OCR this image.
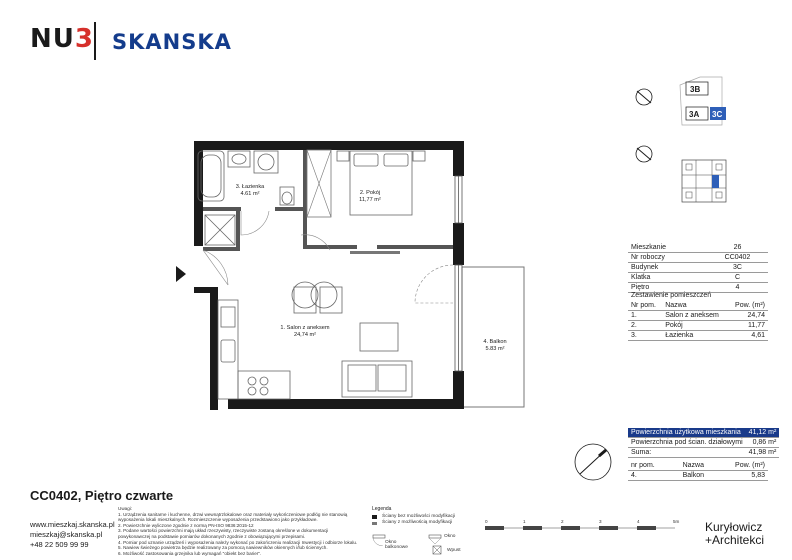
NU3 SKANSKA
3. Łazienka
4.61 m²	2. Pokój
11,77 m²
1. Salon z aneksem
24,74 m²
4. Balkon
5.83 m²
3B
3A 3C
Mieszkanie	26
Nr roboczy	CC0402
Budynek	3C
Klatka	C
Piętro	4
Zestawienie pomieszczeń
Nr pom.	Nazwa	Pow. (m²)
1.	Salon z aneksem	24,74
2.	Pokój	11,77
3.	Łazienka	4,61
Powierzchnia użytkowa mieszkania	41,12 m²
Powierzchnia pod ścian. działowymi	0,86 m²
Suma:	41,98 m²
nr pom.	Nazwa	Pow. (m²)
4.	Balkon	5,83
CC0402, Piętro czwarte
www.mieszkaj.skanska.pl
mieszkaj@skanska.pl
+48 22 509 99 99
Uwagi:
1. Urządzenia sanitarne i kuchenne, drzwi wewnątrzlokalowe oraz materiały wykończeniowe podłóg nie stanowią
wyposażenia lokali mieszkalnych. Rozmieszczenie wyposażenia przedstawiono jako przykładowe.
2. Powierzchnie wyliczone zgodnie z normą PN-ISO 9836:2015-12
3. Podane wartości powierzchni mają układ rzeczywisty, rzeczywiste zostaną określone w dokumentacji
powykonawczej na podstawie pomiarów dokonanych zgodnie z obowiązującymi przepisami.
4. Pomiar pod uznanie urządzeń i wyposażenia należy wykonać po zakończeniu realizacji Inwestycji i odbiorze lokalu.
5. Nawiew świeżego powietrza będzie realizowany za pomocą nawiewników okiennych i/lub ściennych.
6. Możliwość zastosowania grzejnika lub wymagań "obiekt bez barier".
Legenda
Ściany bez możliwości modyfikacji
Ściany z możliwością modyfikacji
Okno balkonowe
Okno
Wpust
0	1	2	3	4	5m Kuryłowicz
+Architekci
